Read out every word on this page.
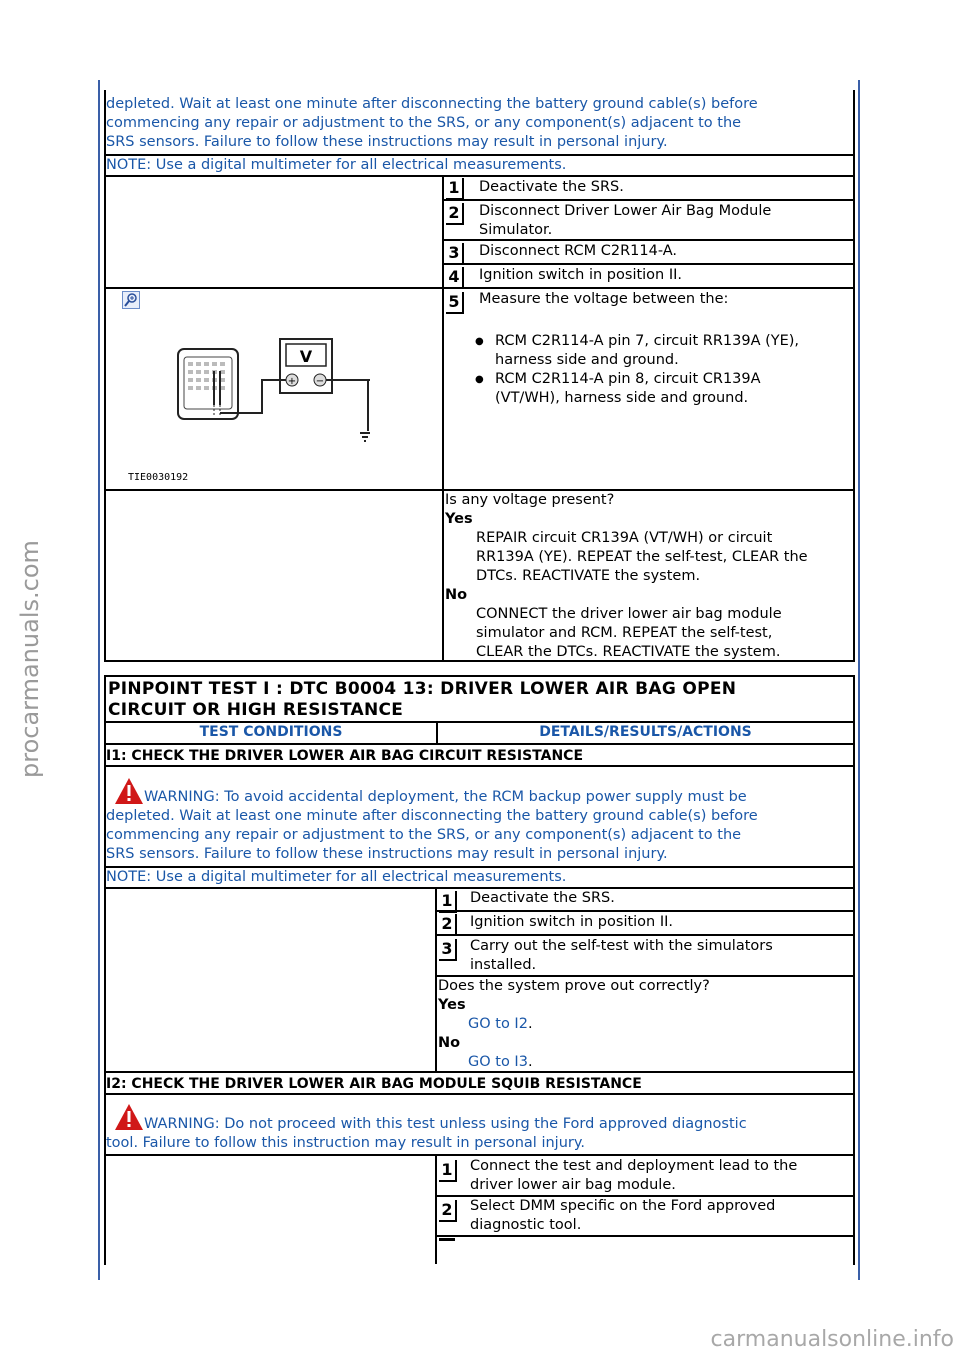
depleted. Wait at least one minute after disconnecting the battery ground cable(s) before
commencing any repair or adjustment to the SRS, or any component(s) adjacent to the
SRS sensors. Failure to follow these instructions may result in personal injury.
NOTE: Use a digital multimeter for all electrical measurements.
1	Deactivate the SRS.
2	Disconnect Driver Lower Air Bag Module
Simulator.
3	Disconnect RCM C2R114-A.
4	Ignition switch in position II.
V
+ −
TIE0030192
5	Measure the voltage between the:
● RCM C2R114-A pin 7, circuit RR139A (YE),
harness side and ground.
● RCM C2R114-A pin 8, circuit CR139A
(VT/WH), harness side and ground.
Is any voltage present?
Yes
REPAIR circuit CR139A (VT/WH) or circuit
RR139A (YE). REPEAT the self-test, CLEAR the
DTCs. REACTIVATE the system.
No
CONNECT the driver lower air bag module
simulator and RCM. REPEAT the self-test,
CLEAR the DTCs. REACTIVATE the system.
PINPOINT TEST I : DTC B0004 13: DRIVER LOWER AIR BAG OPEN
CIRCUIT OR HIGH RESISTANCE
TEST CONDITIONS	DETAILS/RESULTS/ACTIONS
I1: CHECK THE DRIVER LOWER AIR BAG CIRCUIT RESISTANCE
WARNING: To avoid accidental deployment, the RCM backup power supply must be
depleted. Wait at least one minute after disconnecting the battery ground cable(s) before
commencing any repair or adjustment to the SRS, or any component(s) adjacent to the
SRS sensors. Failure to follow these instructions may result in personal injury.
NOTE: Use a digital multimeter for all electrical measurements.
1	Deactivate the SRS.
2	Ignition switch in position II.
3	Carry out the self-test with the simulators
installed.
Does the system prove out correctly?
Yes
GO to I2.
No
GO to I3.
I2: CHECK THE DRIVER LOWER AIR BAG MODULE SQUIB RESISTANCE
WARNING: Do not proceed with this test unless using the Ford approved diagnostic
tool. Failure to follow this instruction may result in personal injury.
1	Connect the test and deployment lead to the
driver lower air bag module.
2	Select DMM specific on the Ford approved
diagnostic tool.
procarmanuals.com
carmanualsonline.info
